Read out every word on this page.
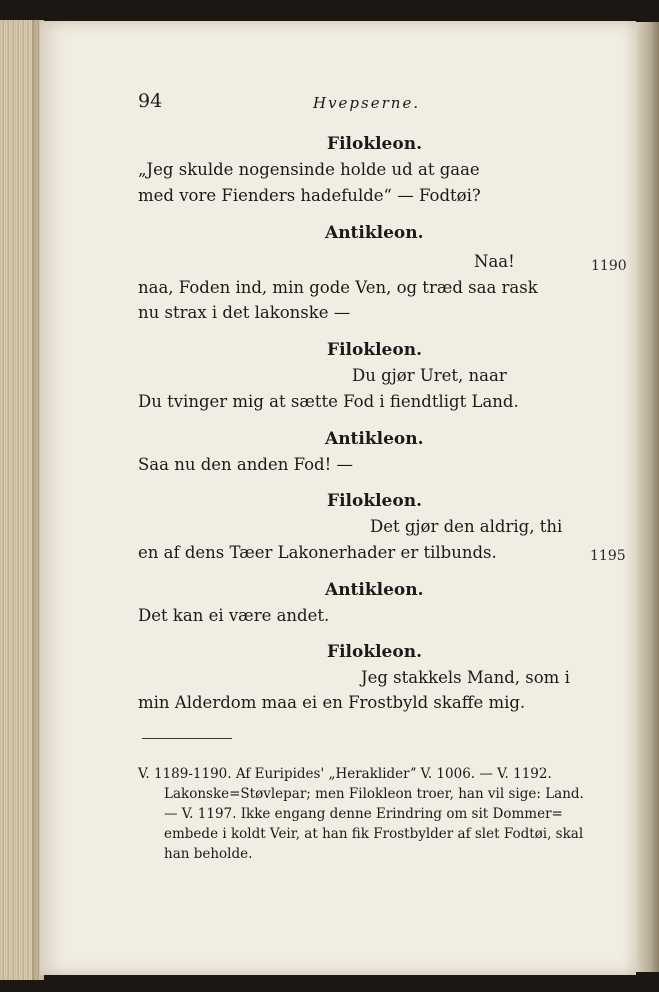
94	Hvepserne.
Filokleon.
„Jeg skulde nogensinde holde ud at gaae
med vore Fienders hadefulde“ — Fodtøi?
Antikleon.
Naa!	1190
naa, Foden ind, min gode Ven, og træd saa rask
nu strax i det lakonske —
Filokleon.
Du gjør Uret, naar
Du tvinger mig at sætte Fod i fiendtligt Land.
Antikleon.
Saa nu den anden Fod! —
Filokleon.
Det gjør den aldrig, thi
en af dens Tæer Lakonerhader er tilbunds.	1195
Antikleon.
Det kan ei være andet.
Filokleon.
Jeg stakkels Mand, som i
min Alderdom maa ei en Frostbyld skaffe mig.
V. 1189-1190. Af Euripides' „Herakliderˮ V. 1006. — V. 1192.
Lakonske=Støvlepar; men Filokleon troer, han vil sige: Land.
— V. 1197. Ikke engang denne Erindring om sit Dommer=
embede i koldt Veir, at han fik Frostbylder af slet Fodtøi, skal
han beholde.
